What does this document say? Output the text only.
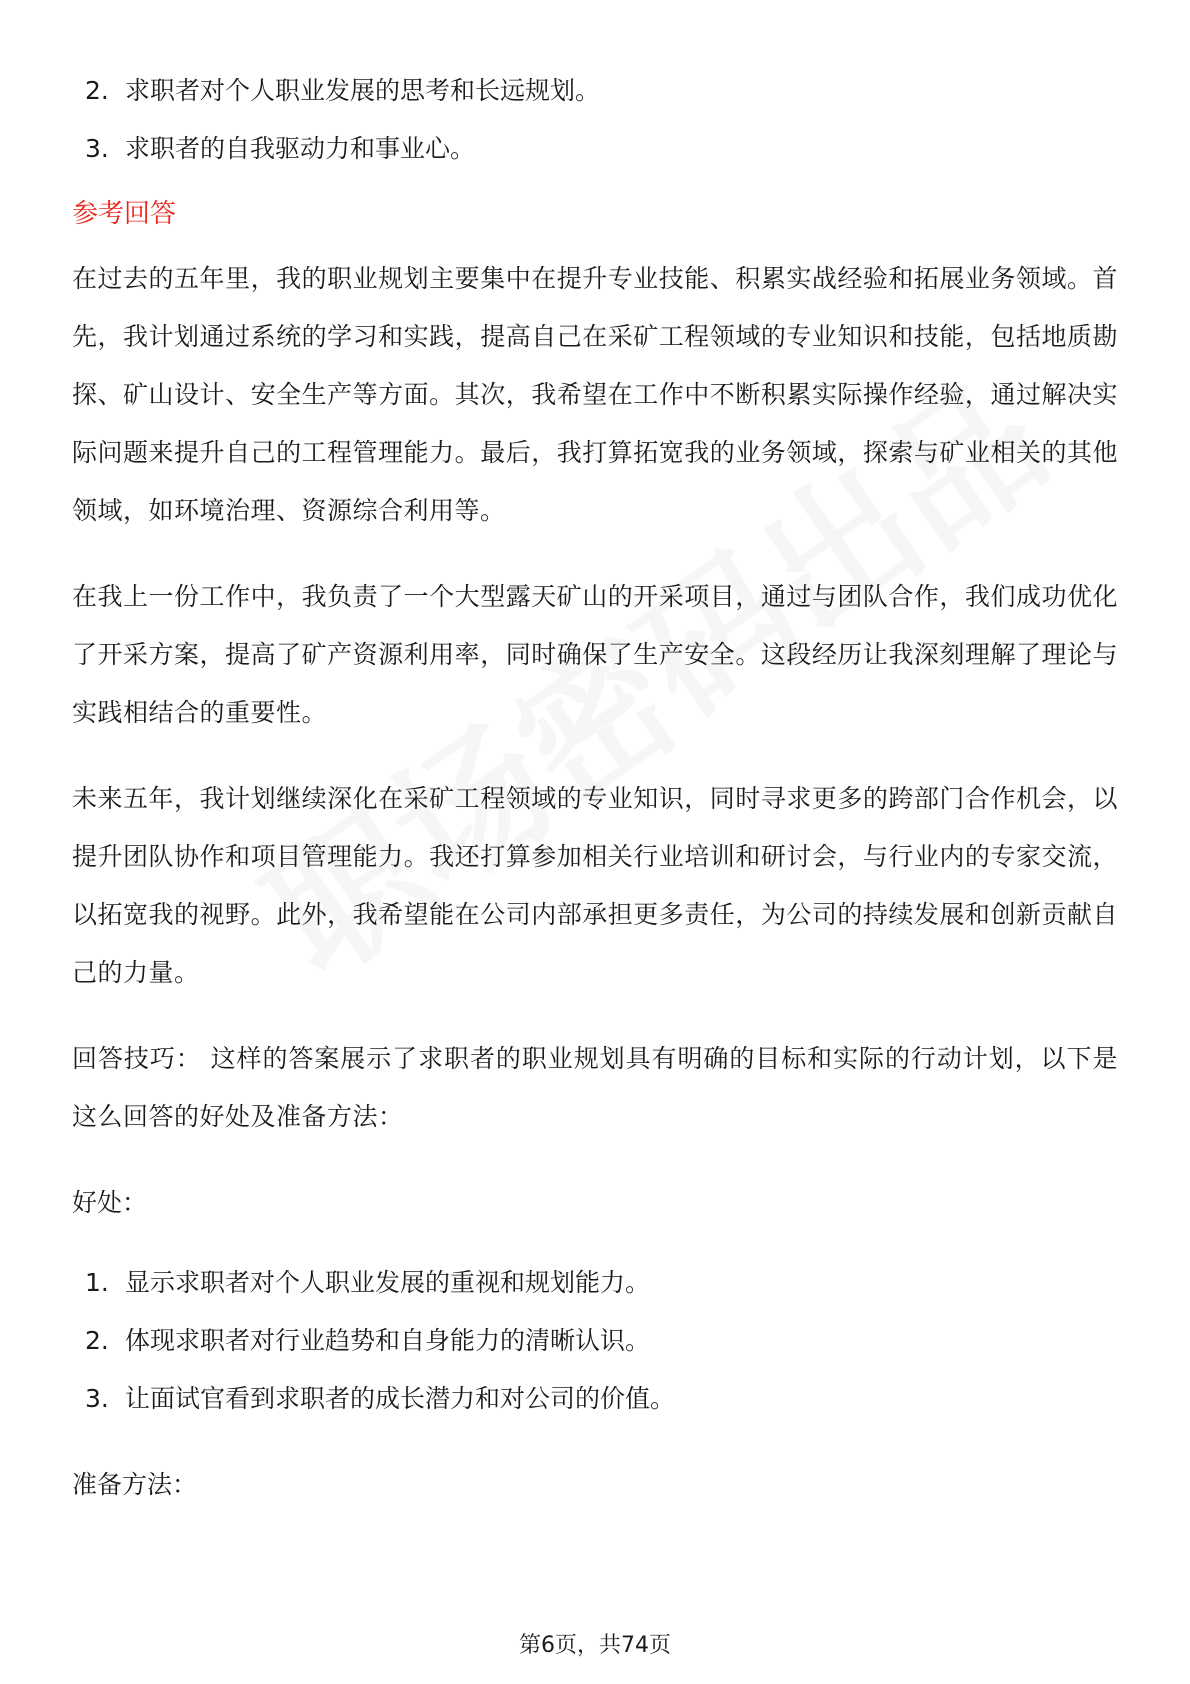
2. 求职者对个人职业发展的思考和长远规划。
3. 求职者的自我驱动力和事业心。
参考回答

在过去的五年里，我的职业规划主要集中在提升专业技能、积累实战经验和拓展业务领域。首先，我计划通过系统的学习和实践，提高自己在采矿工程领域的专业知识和技能，包括地质勘探、矿山设计、安全生产等方面。其次，我希望在工作中不断积累实际操作经验，通过解决实际问题来提升自己的工程管理能力。最后，我打算拓宽我的业务领域，探索与矿业相关的其他领域，如环境治理、资源综合利用等。

在我上一份工作中，我负责了一个大型露天矿山的开采项目，通过与团队合作，我们成功优化了开采方案，提高了矿产资源利用率，同时确保了生产安全。这段经历让我深刻理解了理论与实践相结合的重要性。

未来五年，我计划继续深化在采矿工程领域的专业知识，同时寻求更多的跨部门合作机会，以提升团队协作和项目管理能力。我还打算参加相关行业培训和研讨会，与行业内的专家交流，以拓宽我的视野。此外，我希望能在公司内部承担更多责任，为公司的持续发展和创新贡献自己的力量。

回答技巧： 这样的答案展示了求职者的职业规划具有明确的目标和实际的行动计划，以下是这么回答的好处及准备方法：

好处：
1. 显示求职者对个人职业发展的重视和规划能力。
2. 体现求职者对行业趋势和自身能力的清晰认识。
3. 让面试官看到求职者的成长潜力和对公司的价值。
准备方法：
第6页，共74页
